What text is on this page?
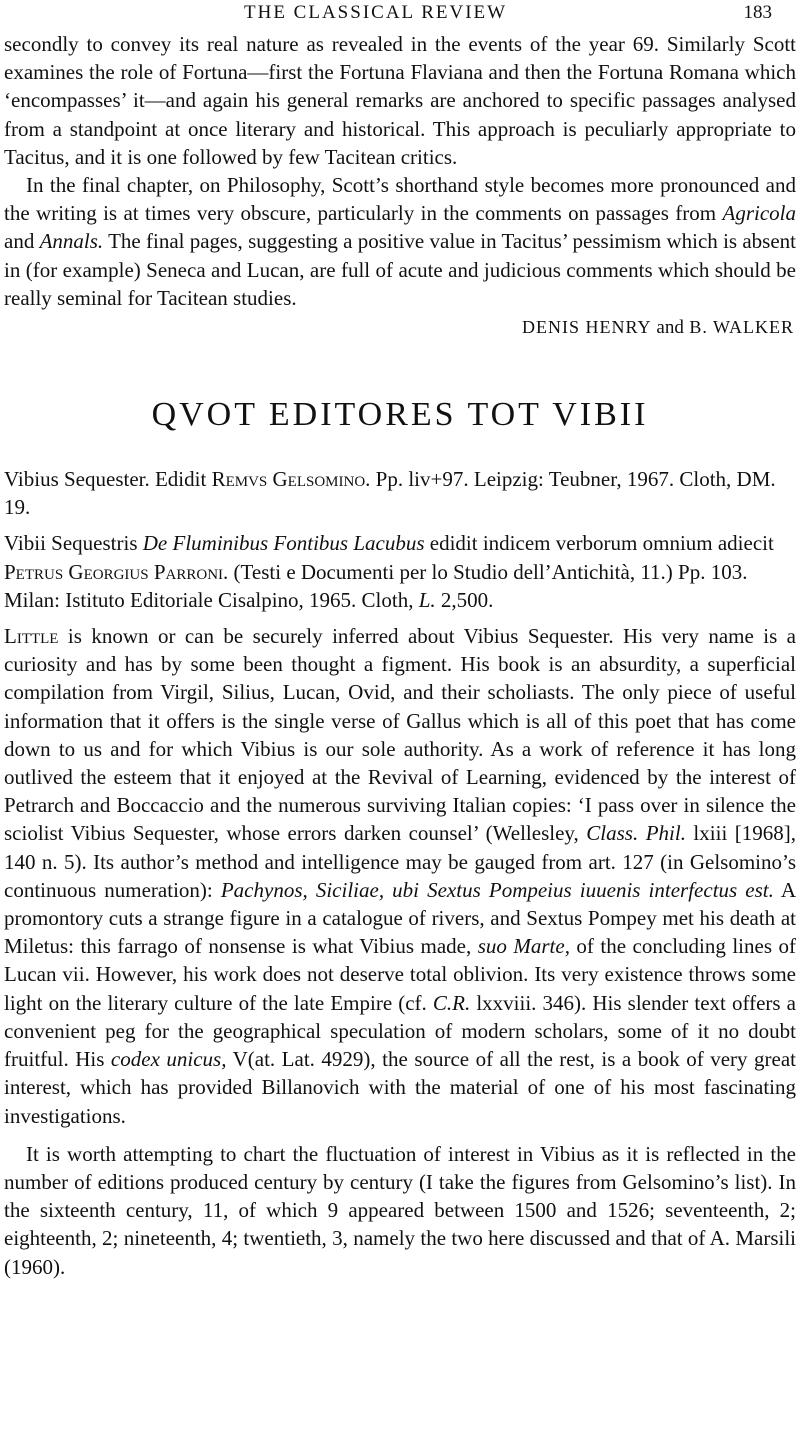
THE CLASSICAL REVIEW	183

secondly to convey its real nature as revealed in the events of the year 69. Similarly Scott examines the role of Fortuna—first the Fortuna Flaviana and then the Fortuna Romana which ‘encompasses’ it—and again his general remarks are anchored to specific passages analysed from a standpoint at once literary and historical. This approach is peculiarly appropriate to Tacitus, and it is one followed by few Tacitean critics.

In the final chapter, on Philosophy, Scott’s shorthand style becomes more pronounced and the writing is at times very obscure, particularly in the comments on passages from Agricola and Annals. The final pages, suggesting a positive value in Tacitus’ pessimism which is absent in (for example) Seneca and Lucan, are full of acute and judicious comments which should be really seminal for Tacitean studies.

DENIS HENRY and B. WALKER
QVOT EDITORES TOT VIBII

Vibius Sequester. Edidit Remvs Gelsomino. Pp. liv+97. Leipzig: Teubner, 1967. Cloth, DM. 19.

Vibii Sequestris De Fluminibus Fontibus Lacubus edidit indicem verborum omnium adiecit Petrus Georgius Parroni. (Testi e Documenti per lo Studio dell’Antichità, 11.) Pp. 103. Milan: Istituto Editoriale Cisalpino, 1965. Cloth, L. 2,500.

Little is known or can be securely inferred about Vibius Sequester. His very name is a curiosity and has by some been thought a figment. His book is an absurdity, a superficial compilation from Virgil, Silius, Lucan, Ovid, and their scholiasts. The only piece of useful information that it offers is the single verse of Gallus which is all of this poet that has come down to us and for which Vibius is our sole authority. As a work of reference it has long outlived the esteem that it enjoyed at the Revival of Learning, evidenced by the interest of Petrarch and Boccaccio and the numerous surviving Italian copies: ‘I pass over in silence the sciolist Vibius Sequester, whose errors darken counsel’ (Wellesley, Class. Phil. lxiii [1968], 140 n. 5). Its author’s method and intelligence may be gauged from art. 127 (in Gelsomino’s continuous numeration): Pachynos, Siciliae, ubi Sextus Pompeius iuuenis interfectus est. A promontory cuts a strange figure in a catalogue of rivers, and Sextus Pompey met his death at Miletus: this farrago of nonsense is what Vibius made, suo Marte, of the concluding lines of Lucan vii. However, his work does not deserve total oblivion. Its very existence throws some light on the literary culture of the late Empire (cf. C.R. lxxviii. 346). His slender text offers a convenient peg for the geographical speculation of modern scholars, some of it no doubt fruitful. His codex unicus, V(at. Lat. 4929), the source of all the rest, is a book of very great interest, which has provided Billanovich with the material of one of his most fascinating investigations.

It is worth attempting to chart the fluctuation of interest in Vibius as it is reflected in the number of editions produced century by century (I take the figures from Gelsomino’s list). In the sixteenth century, 11, of which 9 appeared between 1500 and 1526; seventeenth, 2; eighteenth, 2; nineteenth, 4; twentieth, 3, namely the two here discussed and that of A. Marsili (1960).
